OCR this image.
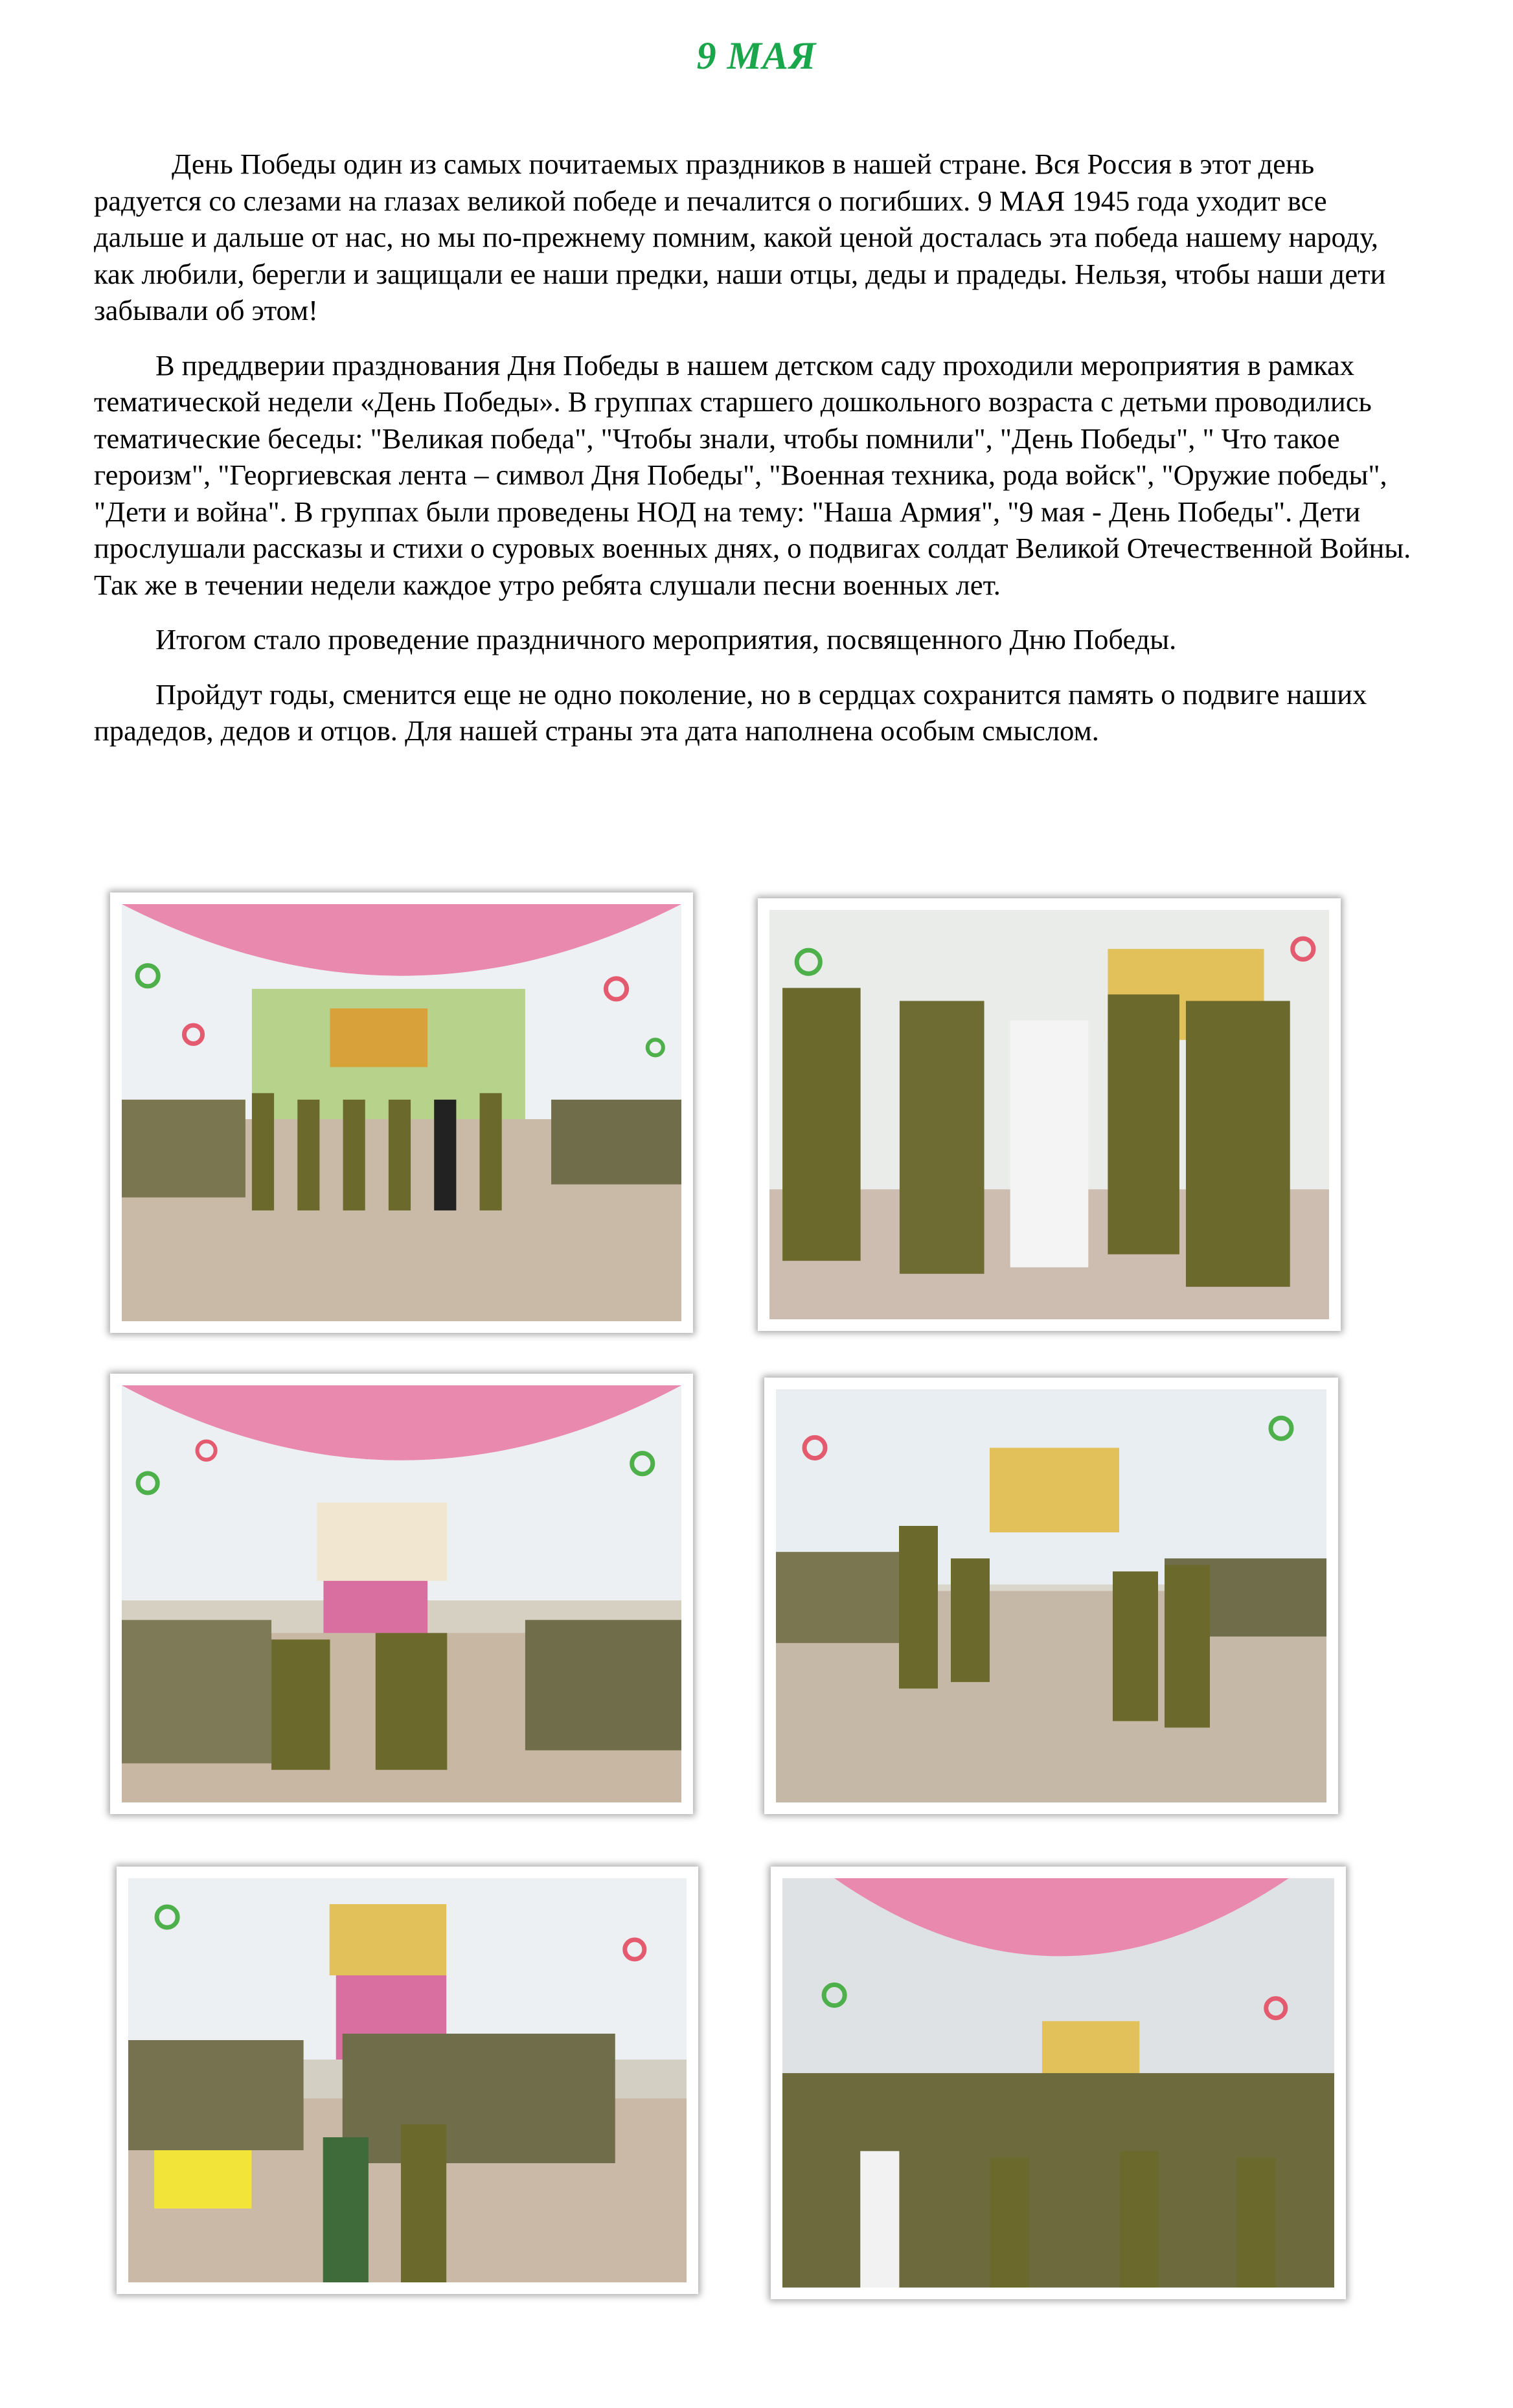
9 МАЯ

День Победы один из самых почитаемых праздников в нашей стране. Вся Россия в этот день радуется со слезами на глазах великой победе и печалится о погибших. 9 МАЯ 1945 года уходит все дальше и дальше от нас, но мы по-прежнему помним, какой ценой досталась эта победа нашему народу, как любили, берегли и защищали ее наши предки, наши отцы, деды и прадеды. Нельзя, чтобы наши дети забывали об этом!

В преддверии празднования Дня Победы в нашем детском саду проходили мероприятия в рамках тематической недели «День Победы». В группах старшего дошкольного возраста с детьми проводились тематические беседы: "Великая победа", "Чтобы знали, чтобы помнили", "День Победы", " Что такое героизм", "Георгиевская лента – символ Дня Победы", "Военная техника, рода войск", "Оружие победы", "Дети и война". В группах были проведены НОД на тему: "Наша Армия", "9 мая - День Победы". Дети прослушали рассказы и стихи о суровых военных днях, о подвигах солдат Великой Отечественной Войны. Так же в течении недели каждое утро ребята слушали песни военных лет.

Итогом стало проведение праздничного мероприятия, посвященного Дню Победы.

Пройдут годы, сменится еще не одно поколение, но в сердцах сохранится память о подвиге наших прадедов, дедов и отцов. Для нашей страны эта дата наполнена особым смыслом.
